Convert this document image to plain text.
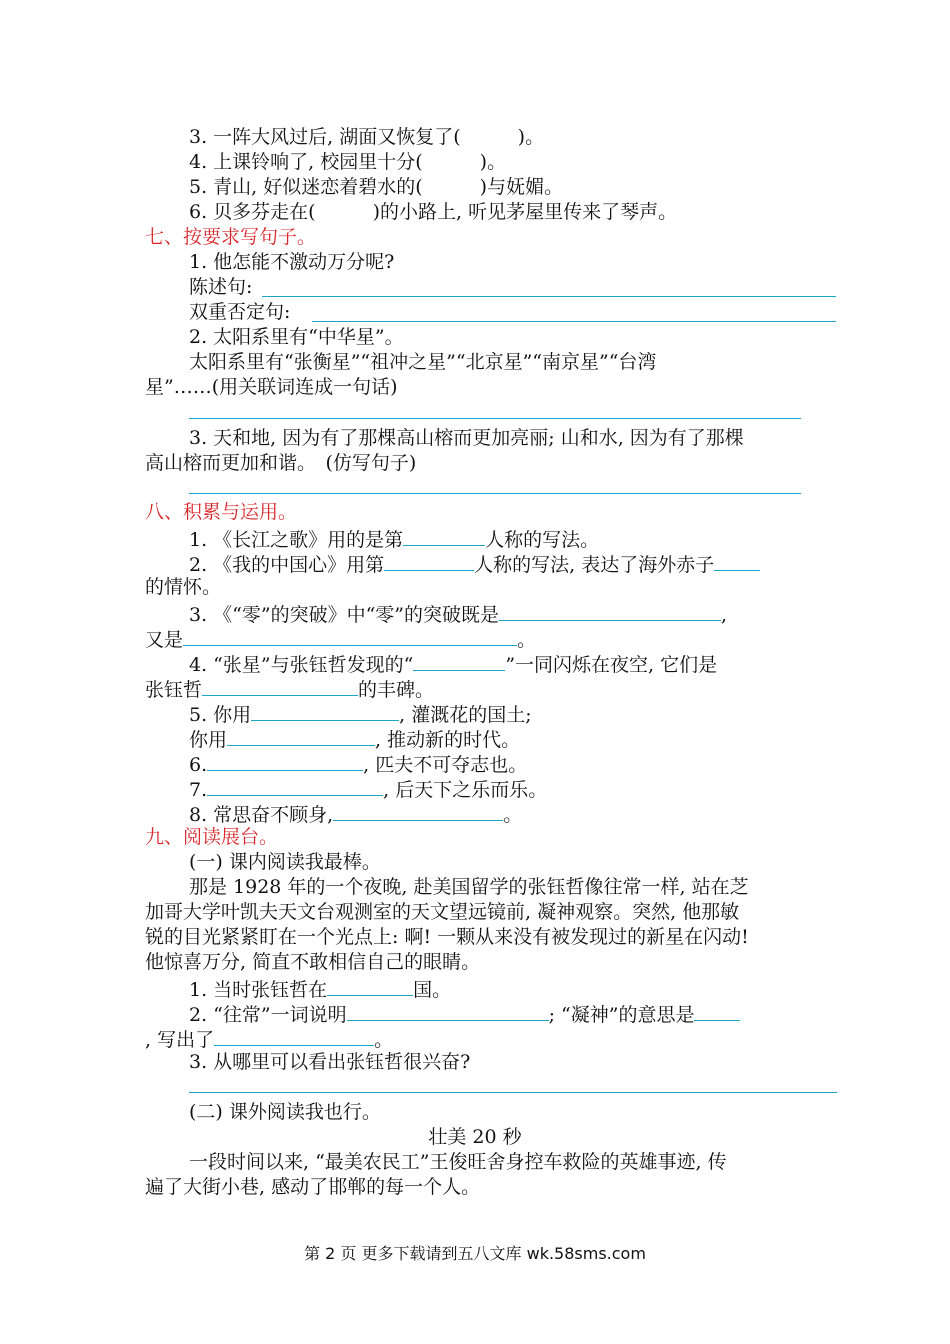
3. 一阵大风过后, 湖面又恢复了(　　　)。
4. 上课铃响了, 校园里十分(　　　)。
5. 青山, 好似迷恋着碧水的(　　　)与妩媚。
6. 贝多芬走在(　　　)的小路上, 听见茅屋里传来了琴声。
七、按要求写句子。
1. 他怎能不激动万分呢?
陈述句:
双重否定句:
2. 太阳系里有“中华星”。
太阳系里有“张衡星”“祖冲之星”“北京星”“南京星”“台湾
星”……(用关联词连成一句话)
3. 天和地, 因为有了那棵高山榕而更加亮丽; 山和水, 因为有了那棵
高山榕而更加和谐。　(仿写句子)
八、积累与运用。
1. 《长江之歌》用的是第	人称的写法。
2. 《我的中国心》用第	人称的写法, 表达了海外赤子
的情怀。
3. 《“零”的突破》中“零”的突破既是	,
又是	。
4. “张星”与张钰哲发现的“	”一同闪烁在夜空, 它们是
张钰哲	的丰碑。
5. 你用	, 灌溉花的国土;
你用	, 推动新的时代。
6.	, 匹夫不可夺志也。
7.	, 后天下之乐而乐。
8. 常思奋不顾身,	。
九、阅读展台。
(一) 课内阅读我最棒。
那是 1928 年的一个夜晚, 赴美国留学的张钰哲像往常一样, 站在芝
加哥大学叶凯夫天文台观测室的天文望远镜前, 凝神观察。突然, 他那敏
锐的目光紧紧盯在一个光点上: 啊! 一颗从来没有被发现过的新星在闪动!
他惊喜万分, 简直不敢相信自己的眼睛。
1. 当时张钰哲在	国。
2. “往常”一词说明	; “凝神”的意思是
, 写出了	。
3. 从哪里可以看出张钰哲很兴奋?
(二) 课外阅读我也行。
壮美 20 秒
一段时间以来, “最美农民工”王俊旺舍身控车救险的英雄事迹, 传
遍了大街小巷, 感动了邯郸的每一个人。
第 2 页 更多下载请到五八文库 wk.58sms.com
